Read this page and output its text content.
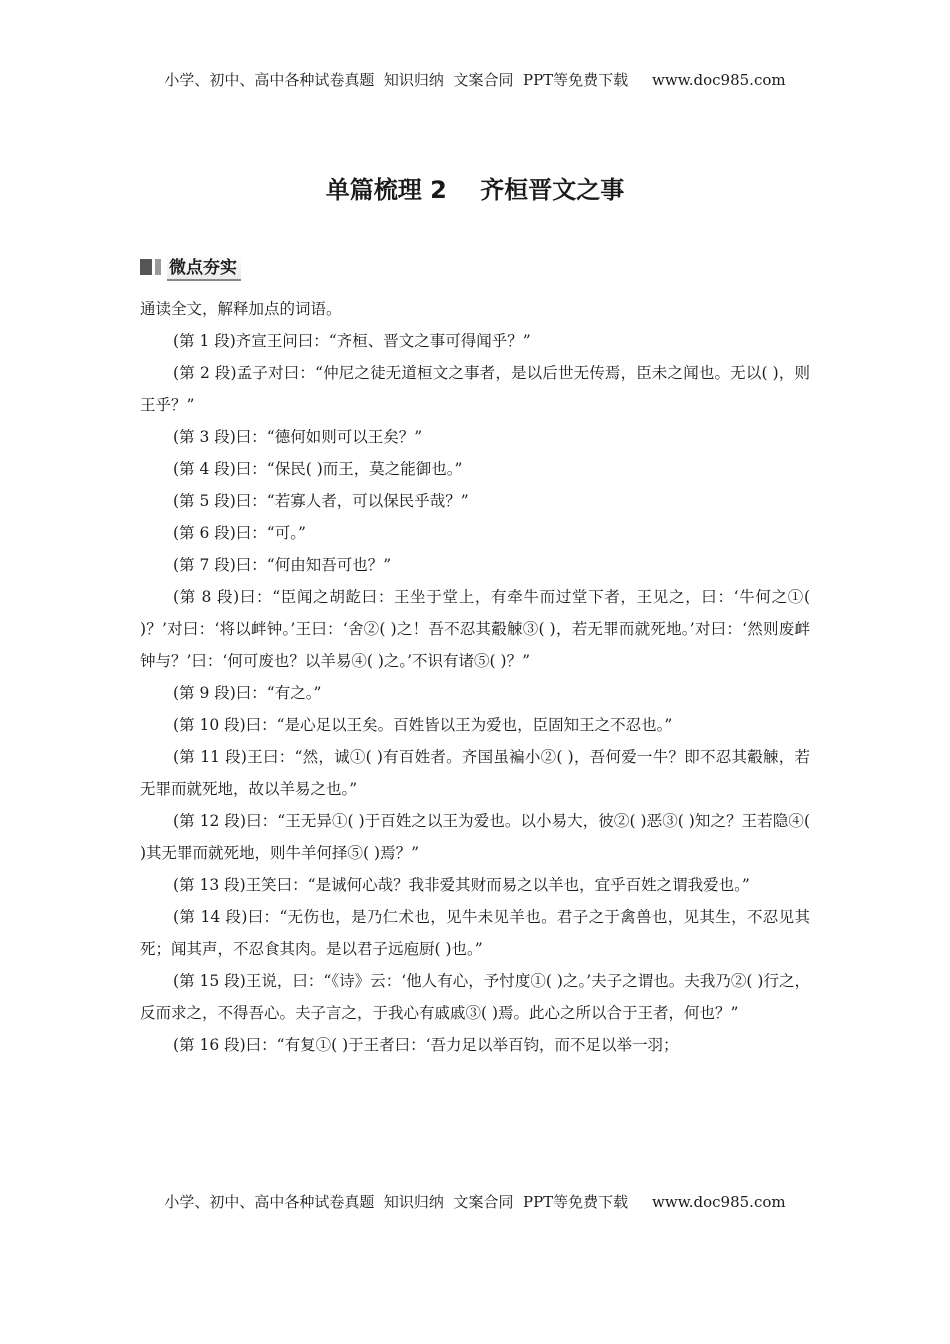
小学、初中、高中各种试卷真题  知识归纳  文案合同  PPT等免费下载     www.doc985.com
单篇梳理 2    齐桓晋文之事
微点夯实

通读全文，解释加点的词语。

(第 1 段)齐宣王问曰：“齐桓、晋文之事可得闻乎？”

(第 2 段)孟子对曰：“仲尼之徒无道桓文之事者，是以后世无传焉，臣未之闻也。无以( )，则王乎？”

(第 3 段)曰：“德何如则可以王矣？”

(第 4 段)曰：“保民( )而王，莫之能御也。”

(第 5 段)曰：“若寡人者，可以保民乎哉？”

(第 6 段)曰：“可。”

(第 7 段)曰：“何由知吾可也？”

(第 8 段)曰：“臣闻之胡龁曰：王坐于堂上，有牵牛而过堂下者，王见之，曰：‘牛何之①( )？’对曰：‘将以衅钟。’王曰：‘舍②( )之！吾不忍其觳觫③( )，若无罪而就死地。’对曰：‘然则废衅钟与？’曰：‘何可废也？以羊易④( )之。’不识有诸⑤( )？”

(第 9 段)曰：“有之。”

(第 10 段)曰：“是心足以王矣。百姓皆以王为爱也，臣固知王之不忍也。”

(第 11 段)王曰：“然，诚①( )有百姓者。齐国虽褊小②( )，吾何爱一牛？即不忍其觳觫，若无罪而就死地，故以羊易之也。”

(第 12 段)曰：“王无异①( )于百姓之以王为爱也。以小易大，彼②( )恶③( )知之？王若隐④( )其无罪而就死地，则牛羊何择⑤( )焉？”

(第 13 段)王笑曰：“是诚何心哉？我非爱其财而易之以羊也，宜乎百姓之谓我爱也。”

(第 14 段)曰：“无伤也，是乃仁术也，见牛未见羊也。君子之于禽兽也，见其生，不忍见其死；闻其声，不忍食其肉。是以君子远庖厨( )也。”

(第 15 段)王说，曰：“《诗》云：‘他人有心，予忖度①( )之。’夫子之谓也。夫我乃②( )行之，反而求之，不得吾心。夫子言之，于我心有戚戚③( )焉。此心之所以合于王者，何也？”

(第 16 段)曰：“有复①( )于王者曰：‘吾力足以举百钧，而不足以举一羽；

小学、初中、高中各种试卷真题  知识归纳  文案合同  PPT等免费下载     www.doc985.com
